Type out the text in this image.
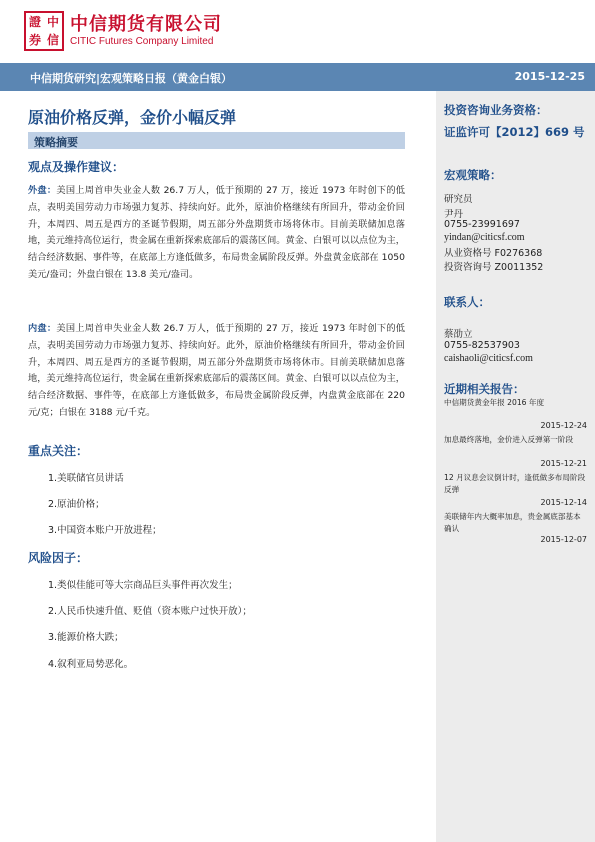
證 中
券 信
中信期货有限公司
CITIC Futures Company Limited
中信期货研究|宏观策略日报（黄金白银）	2015-12-25
原油价格反弹，金价小幅反弹
策略摘要
观点及操作建议：
外盘：美国上周首申失业金人数 26.7 万人，低于预期的 27 万，接近 1973 年时创下的低点，表明美国劳动力市场强力复苏、持续向好。此外，原油价格继续有所回升，带动金价回升，本周四、周五是西方的圣诞节假期，周五部分外盘期货市场将休市。目前美联储加息落地，美元维持高位运行，贵金属在重新探索底部后的震荡区间。黄金、白银可以以点位为主，结合经济数据、事件等，在底部上方逢低做多，布局贵金属阶段反弹。外盘黄金底部在 1050 美元/盎司；外盘白银在 13.8 美元/盎司。
内盘：美国上周首申失业金人数 26.7 万人，低于预期的 27 万，接近 1973 年时创下的低点，表明美国劳动力市场强力复苏、持续向好。此外，原油价格继续有所回升，带动金价回升，本周四、周五是西方的圣诞节假期，周五部分外盘期货市场将休市。目前美联储加息落地，美元维持高位运行，贵金属在重新探索底部后的震荡区间。黄金、白银可以以点位为主，结合经济数据、事件等，在底部上方逢低做多，布局贵金属阶段反弹，内盘黄金底部在 220 元/克；白银在 3188 元/千克。
重点关注：
1.美联储官员讲话
2.原油价格；
3.中国资本账户开放进程；
风险因子：
1.类似佳能可等大宗商品巨头事件再次发生；
2.人民币快速升值、贬值（资本账户过快开放）；
3.能源价格大跌；
4.叙利亚局势恶化。
投资咨询业务资格：
证监许可【2012】669 号
宏观策略：
研究员
尹丹
0755-23991697
yindan@citicsf.com
从业资格号 F0276368
投资咨询号 Z0011352
联系人：
蔡劭立
0755-82537903
caishaoli@citicsf.com
近期相关报告：
中信期货黄金年报 2016 年度
2015-12-24
加息最终落地，金价进入反弹第一阶段
2015-12-21
12 月议息会议倒计时，逢低做多布局阶段反弹
2015-12-14
美联储年内大概率加息，贵金属底部基本确认
2015-12-07
